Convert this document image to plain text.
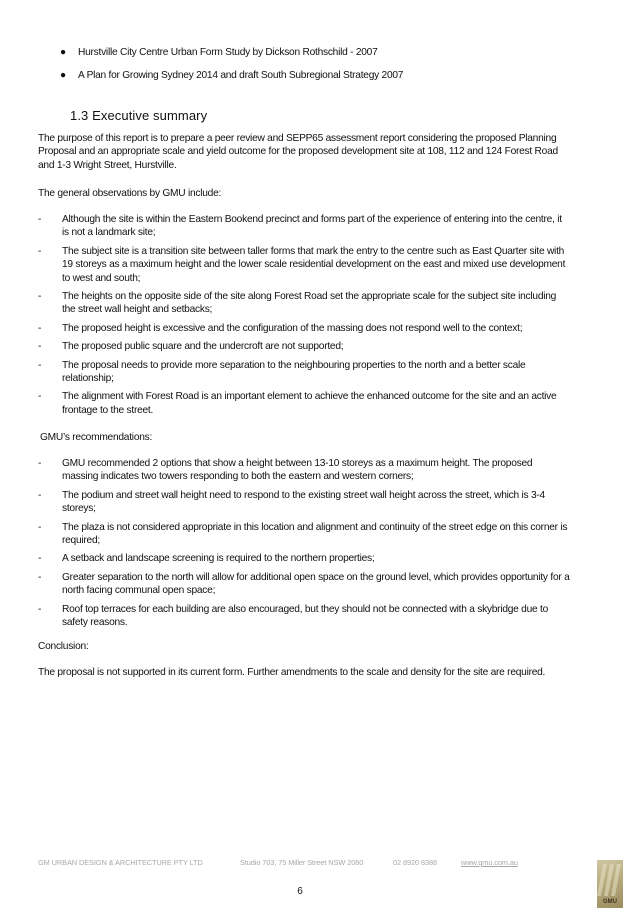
● Hurstville City Centre Urban Form Study by Dickson Rothschild - 2007
● A Plan for Growing Sydney 2014 and draft South Subregional Strategy 2007
1.3 Executive summary
The purpose of this report is to prepare a peer review and SEPP65 assessment report considering the proposed Planning Proposal and an appropriate scale and yield outcome for the proposed development site at 108, 112 and 124 Forest Road and 1-3 Wright Street, Hurstville.
The general observations by GMU include:
- Although the site is within the Eastern Bookend precinct and forms part of the experience of entering into the centre, it is not a landmark site;
- The subject site is a transition site between taller forms that mark the entry to the centre such as East Quarter site with 19 storeys as a maximum height and the lower scale residential development on the east and mixed use development to west and south;
- The heights on the opposite side of the site along Forest Road set the appropriate scale for the subject site including the street wall height and setbacks;
- The proposed height is excessive and the configuration of the massing does not respond well to the context;
- The proposed public square and the undercroft are not supported;
- The proposal needs to provide more separation to the neighbouring properties to the north and a better scale relationship;
- The alignment with Forest Road is an important element to achieve the enhanced outcome for the site and an active frontage to the street.
GMU’s recommendations:
- GMU recommended 2 options that show a height between 13-10 storeys as a maximum height. The proposed massing indicates two towers responding to both the eastern and western corners;
- The podium and street wall height need to respond to the existing street wall height across the street, which is 3-4 storeys;
- The plaza is not considered appropriate in this location and alignment and continuity of the street edge on this corner is required;
- A setback and landscape screening is required to the northern properties;
- Greater separation to the north will allow for additional open space on the ground level, which provides opportunity for a north facing communal open space;
- Roof top terraces for each building are also encouraged, but they should not be connected with a skybridge due to safety reasons.
Conclusion:
The proposal is not supported in its current form. Further amendments to the scale and density for the site are required.
GM URBAN DESIGN & ARCHITECTURE PTY LTD	Studio 703, 75 Miller Street NSW 2060	02 8920 8388	www.gmu.com.au
6
GMU
